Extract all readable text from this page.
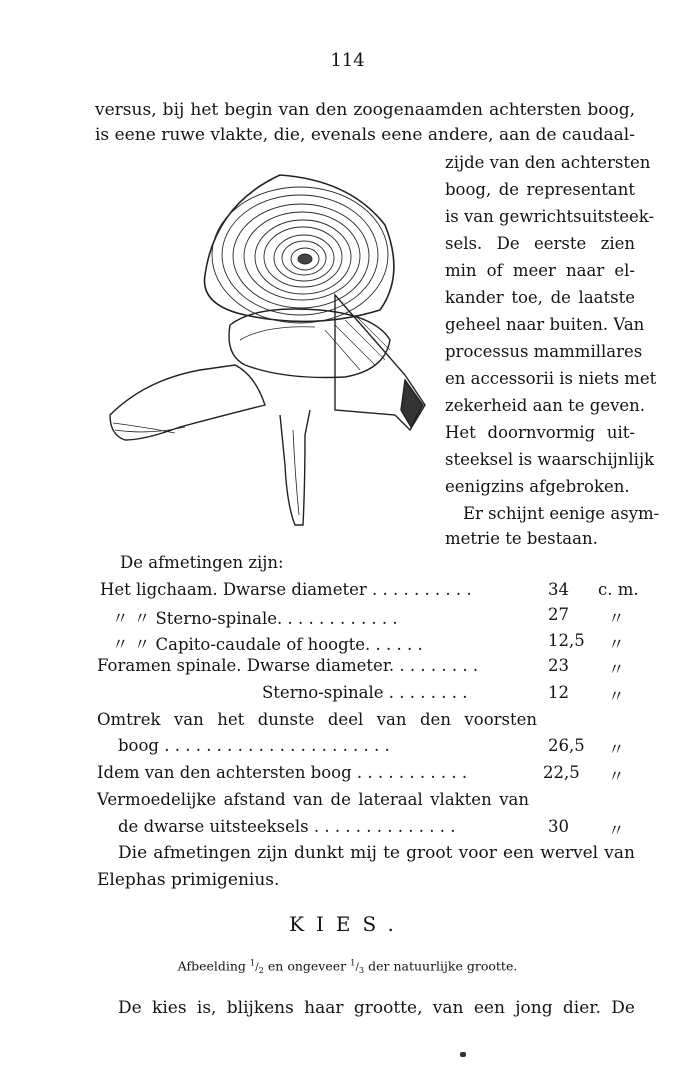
114
versus, bij het begin van den zoogenaamden achtersten boog,
is eene ruwe vlakte, die, evenals eene andere, aan de caudaal-
zijde van den achtersten
boog, de representant
is van gewrichtsuitsteek-
sels. De eerste zien
min of meer naar el-
kander toe, de laatste
geheel naar buiten. Van
processus mammillares
en accessorii is niets met
zekerheid aan te geven.
Het doornvormig uit-
steeksel is waarschijnlijk
eenigzins afgebroken.
Er schijnt eenige asym-
metrie te bestaan.
De afmetingen zijn:
Het ligchaam. Dwarse diameter . . . . . . . . . .	34 c. m.
〃 〃 Sterno-spinale. . . . . . . . . . . .	27 〃
〃 〃 Capito-caudale of hoogte. . . . . .	12,5 〃
Foramen spinale. Dwarse diameter. . . . . . . . .	23 〃
Sterno-spinale . . . . . . . .	12 〃
Omtrek van het dunste deel van den voorsten
boog . . . . . . . . . . . . . . . . . . . . . .	26,5 〃
Idem van den achtersten boog . . . . . . . . . . .	22,5 〃
Vermoedelijke afstand van de lateraal vlakten van
de dwarse uitsteeksels . . . . . . . . . . . . . .	30 〃
Die afmetingen zijn dunkt mij te groot voor een wervel van
Elephas primigenius.
KIES.
Afbeelding $^1/_2$ en ongeveer $^1/_3$ der natuurlijke grootte.
De kies is, blijkens haar grootte, van een jong dier. De
